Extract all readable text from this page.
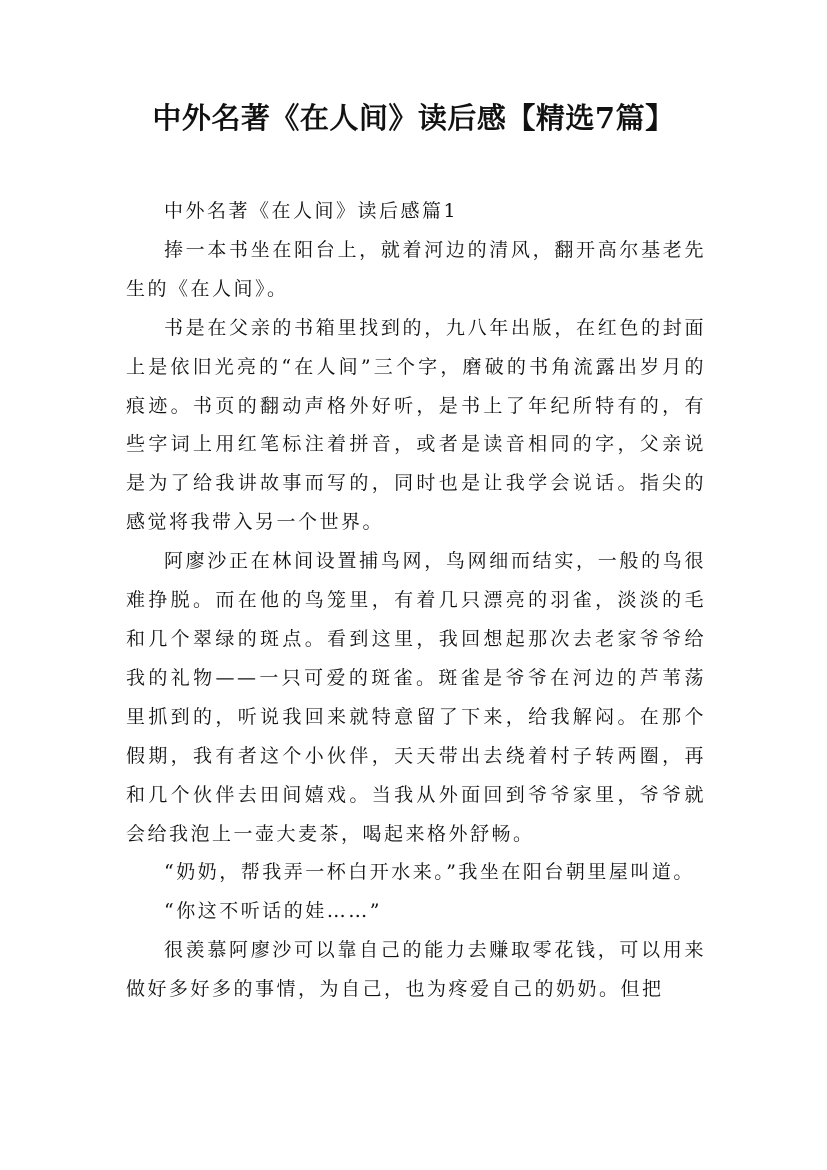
中外名著《在人间》读后感【精选7篇】

中外名著《在人间》读后感篇1

捧一本书坐在阳台上，就着河边的清风，翻开高尔基老先生的《在人间》。

书是在父亲的书箱里找到的，九八年出版，在红色的封面上是依旧光亮的“在人间”三个字，磨破的书角流露出岁月的痕迹。书页的翻动声格外好听，是书上了年纪所特有的，有些字词上用红笔标注着拼音，或者是读音相同的字，父亲说是为了给我讲故事而写的，同时也是让我学会说话。指尖的感觉将我带入另一个世界。

阿廖沙正在林间设置捕鸟网，鸟网细而结实，一般的鸟很难挣脱。而在他的鸟笼里，有着几只漂亮的羽雀，淡淡的毛和几个翠绿的斑点。看到这里，我回想起那次去老家爷爷给我的礼物——一只可爱的斑雀。斑雀是爷爷在河边的芦苇荡里抓到的，听说我回来就特意留了下来，给我解闷。在那个假期，我有者这个小伙伴，天天带出去绕着村子转两圈，再和几个伙伴去田间嬉戏。当我从外面回到爷爷家里，爷爷就会给我泡上一壶大麦茶，喝起来格外舒畅。

“奶奶，帮我弄一杯白开水来。”我坐在阳台朝里屋叫道。

“你这不听话的娃……”

很羡慕阿廖沙可以靠自己的能力去赚取零花钱，可以用来做好多好多的事情，为自己，也为疼爱自己的奶奶。但把
